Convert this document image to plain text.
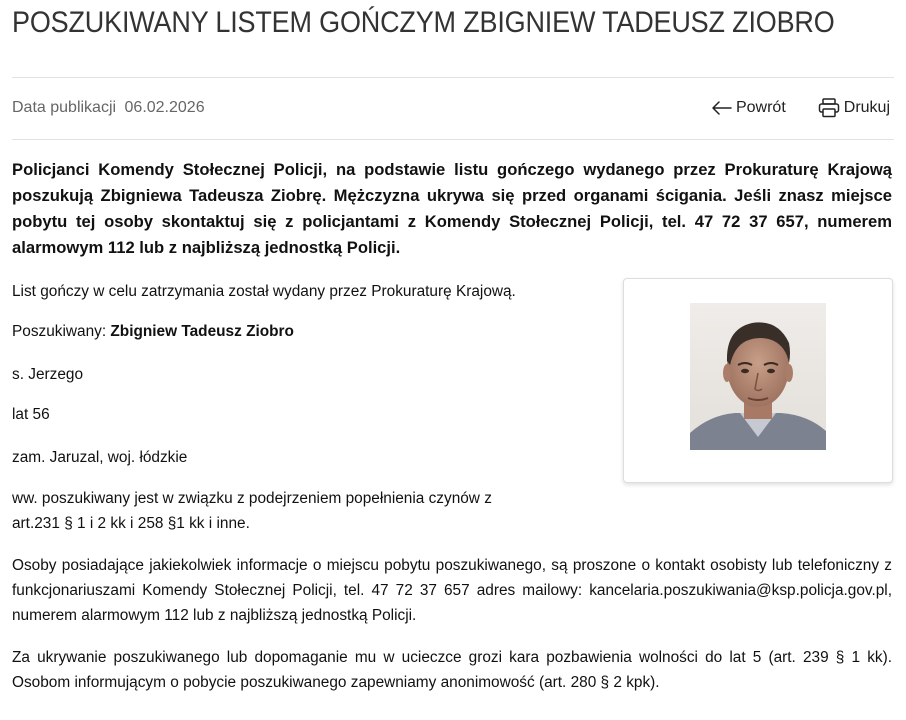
POSZUKIWANY LISTEM GOŃCZYM ZBIGNIEW TADEUSZ ZIOBRO
Data publikacji 06.02.2026	Powrót	Drukuj

Policjanci Komendy Stołecznej Policji, na podstawie listu gończego wydanego przez Prokuraturę Krajową poszukują Zbigniewa Tadeusza Ziobrę. Mężczyzna ukrywa się przed organami ścigania. Jeśli znasz miejsce pobytu tej osoby skontaktuj się z policjantami z Komendy Stołecznej Policji, tel. 47 72 37 657, numerem alarmowym 112 lub z najbliższą jednostką Policji.

List gończy w celu zatrzymania został wydany przez Prokuraturę Krajową.

Poszukiwany: Zbigniew Tadeusz Ziobro

s. Jerzego

lat 56

zam. Jaruzal, woj. łódzkie

ww. poszukiwany jest w związku z podejrzeniem popełnienia czynów z

art.231 § 1 i 2 kk i 258 §1 kk i inne.

Osoby posiadające jakiekolwiek informacje o miejscu pobytu poszukiwanego, są proszone o kontakt osobisty lub telefoniczny z funkcjonariuszami Komendy Stołecznej Policji, tel. 47 72 37 657 adres mailowy: kancelaria.poszukiwania@ksp.policja.gov.pl, numerem alarmowym 112 lub z najbliższą jednostką Policji.

Za ukrywanie poszukiwanego lub dopomaganie mu w ucieczce grozi kara pozbawienia wolności do lat 5 (art. 239 § 1 kk). Osobom informującym o pobycie poszukiwanego zapewniamy anonimowość (art. 280 § 2 kpk).
